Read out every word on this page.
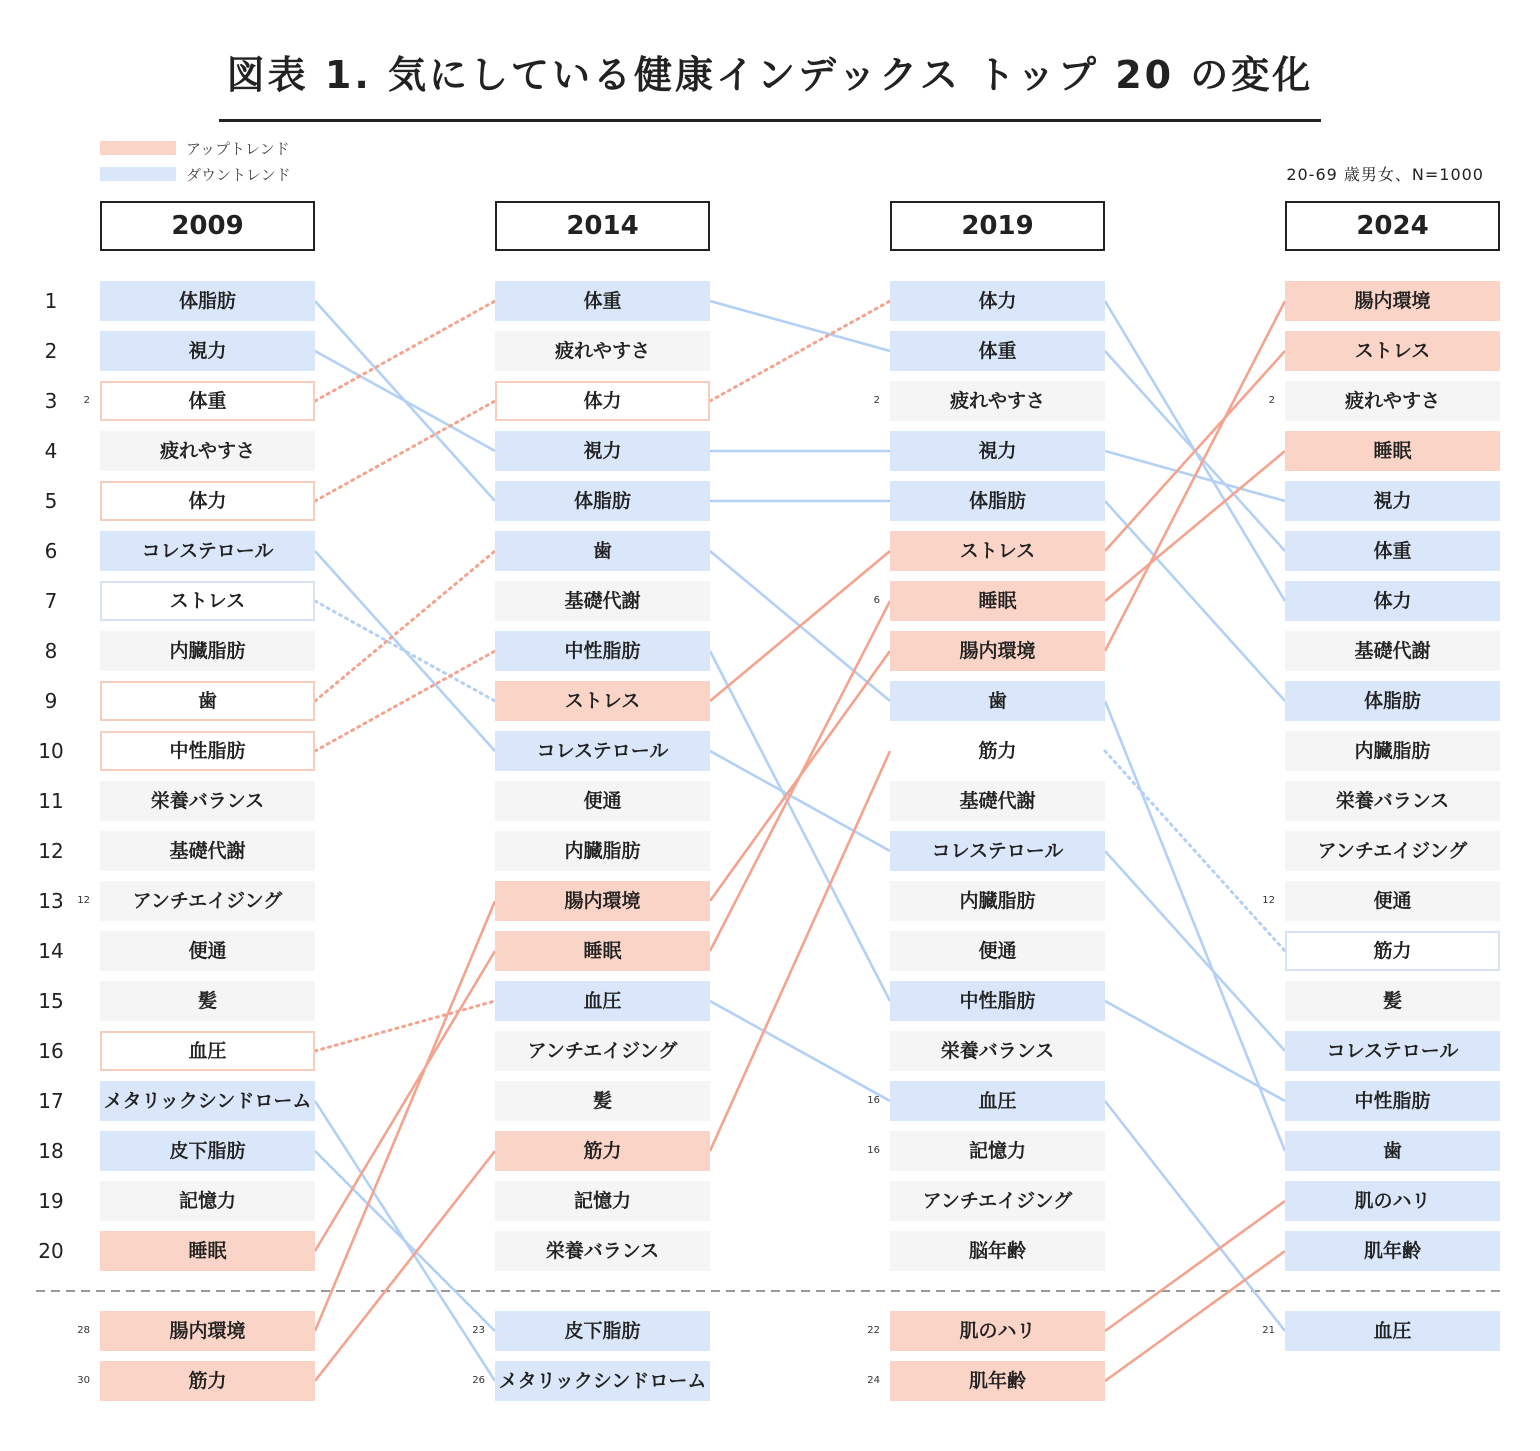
図表 1. 気にしている健康インデックス トップ 20 の変化
アップトレンド
ダウントレンド	20-69 歳男女、N=1000
1
2
3
4
5
6
7
8
9
10
11
12
13
14
15
16
17
18
19
20
2009
体脂肪
視力
体重
2
疲れやすさ
体力
コレステロール
ストレス
内臓脂肪
歯
中性脂肪
栄養バランス
基礎代謝
アンチエイジング
12
便通
髪
血圧
メタリックシンドローム
皮下脂肪
記憶力
睡眠
腸内環境
28
筋力
30
2014
体重
疲れやすさ
体力
視力
体脂肪
歯
基礎代謝
中性脂肪
ストレス
コレステロール
便通
内臓脂肪
腸内環境
睡眠
血圧
アンチエイジング
髪
筋力
記憶力
栄養バランス
皮下脂肪
23
メタリックシンドローム
26
2019
体力
体重
疲れやすさ
2
視力
体脂肪
ストレス
睡眠
6
腸内環境
歯
筋力
基礎代謝
コレステロール
内臓脂肪
便通
中性脂肪
栄養バランス
血圧
16
記憶力
16
アンチエイジング
脳年齢
肌のハリ
22
肌年齢
24
2024
腸内環境
ストレス
疲れやすさ
2
睡眠
視力
体重
体力
基礎代謝
体脂肪
内臓脂肪
栄養バランス
アンチエイジング
便通
12
筋力
髪
コレステロール
中性脂肪
歯
肌のハリ
肌年齢
血圧
21
